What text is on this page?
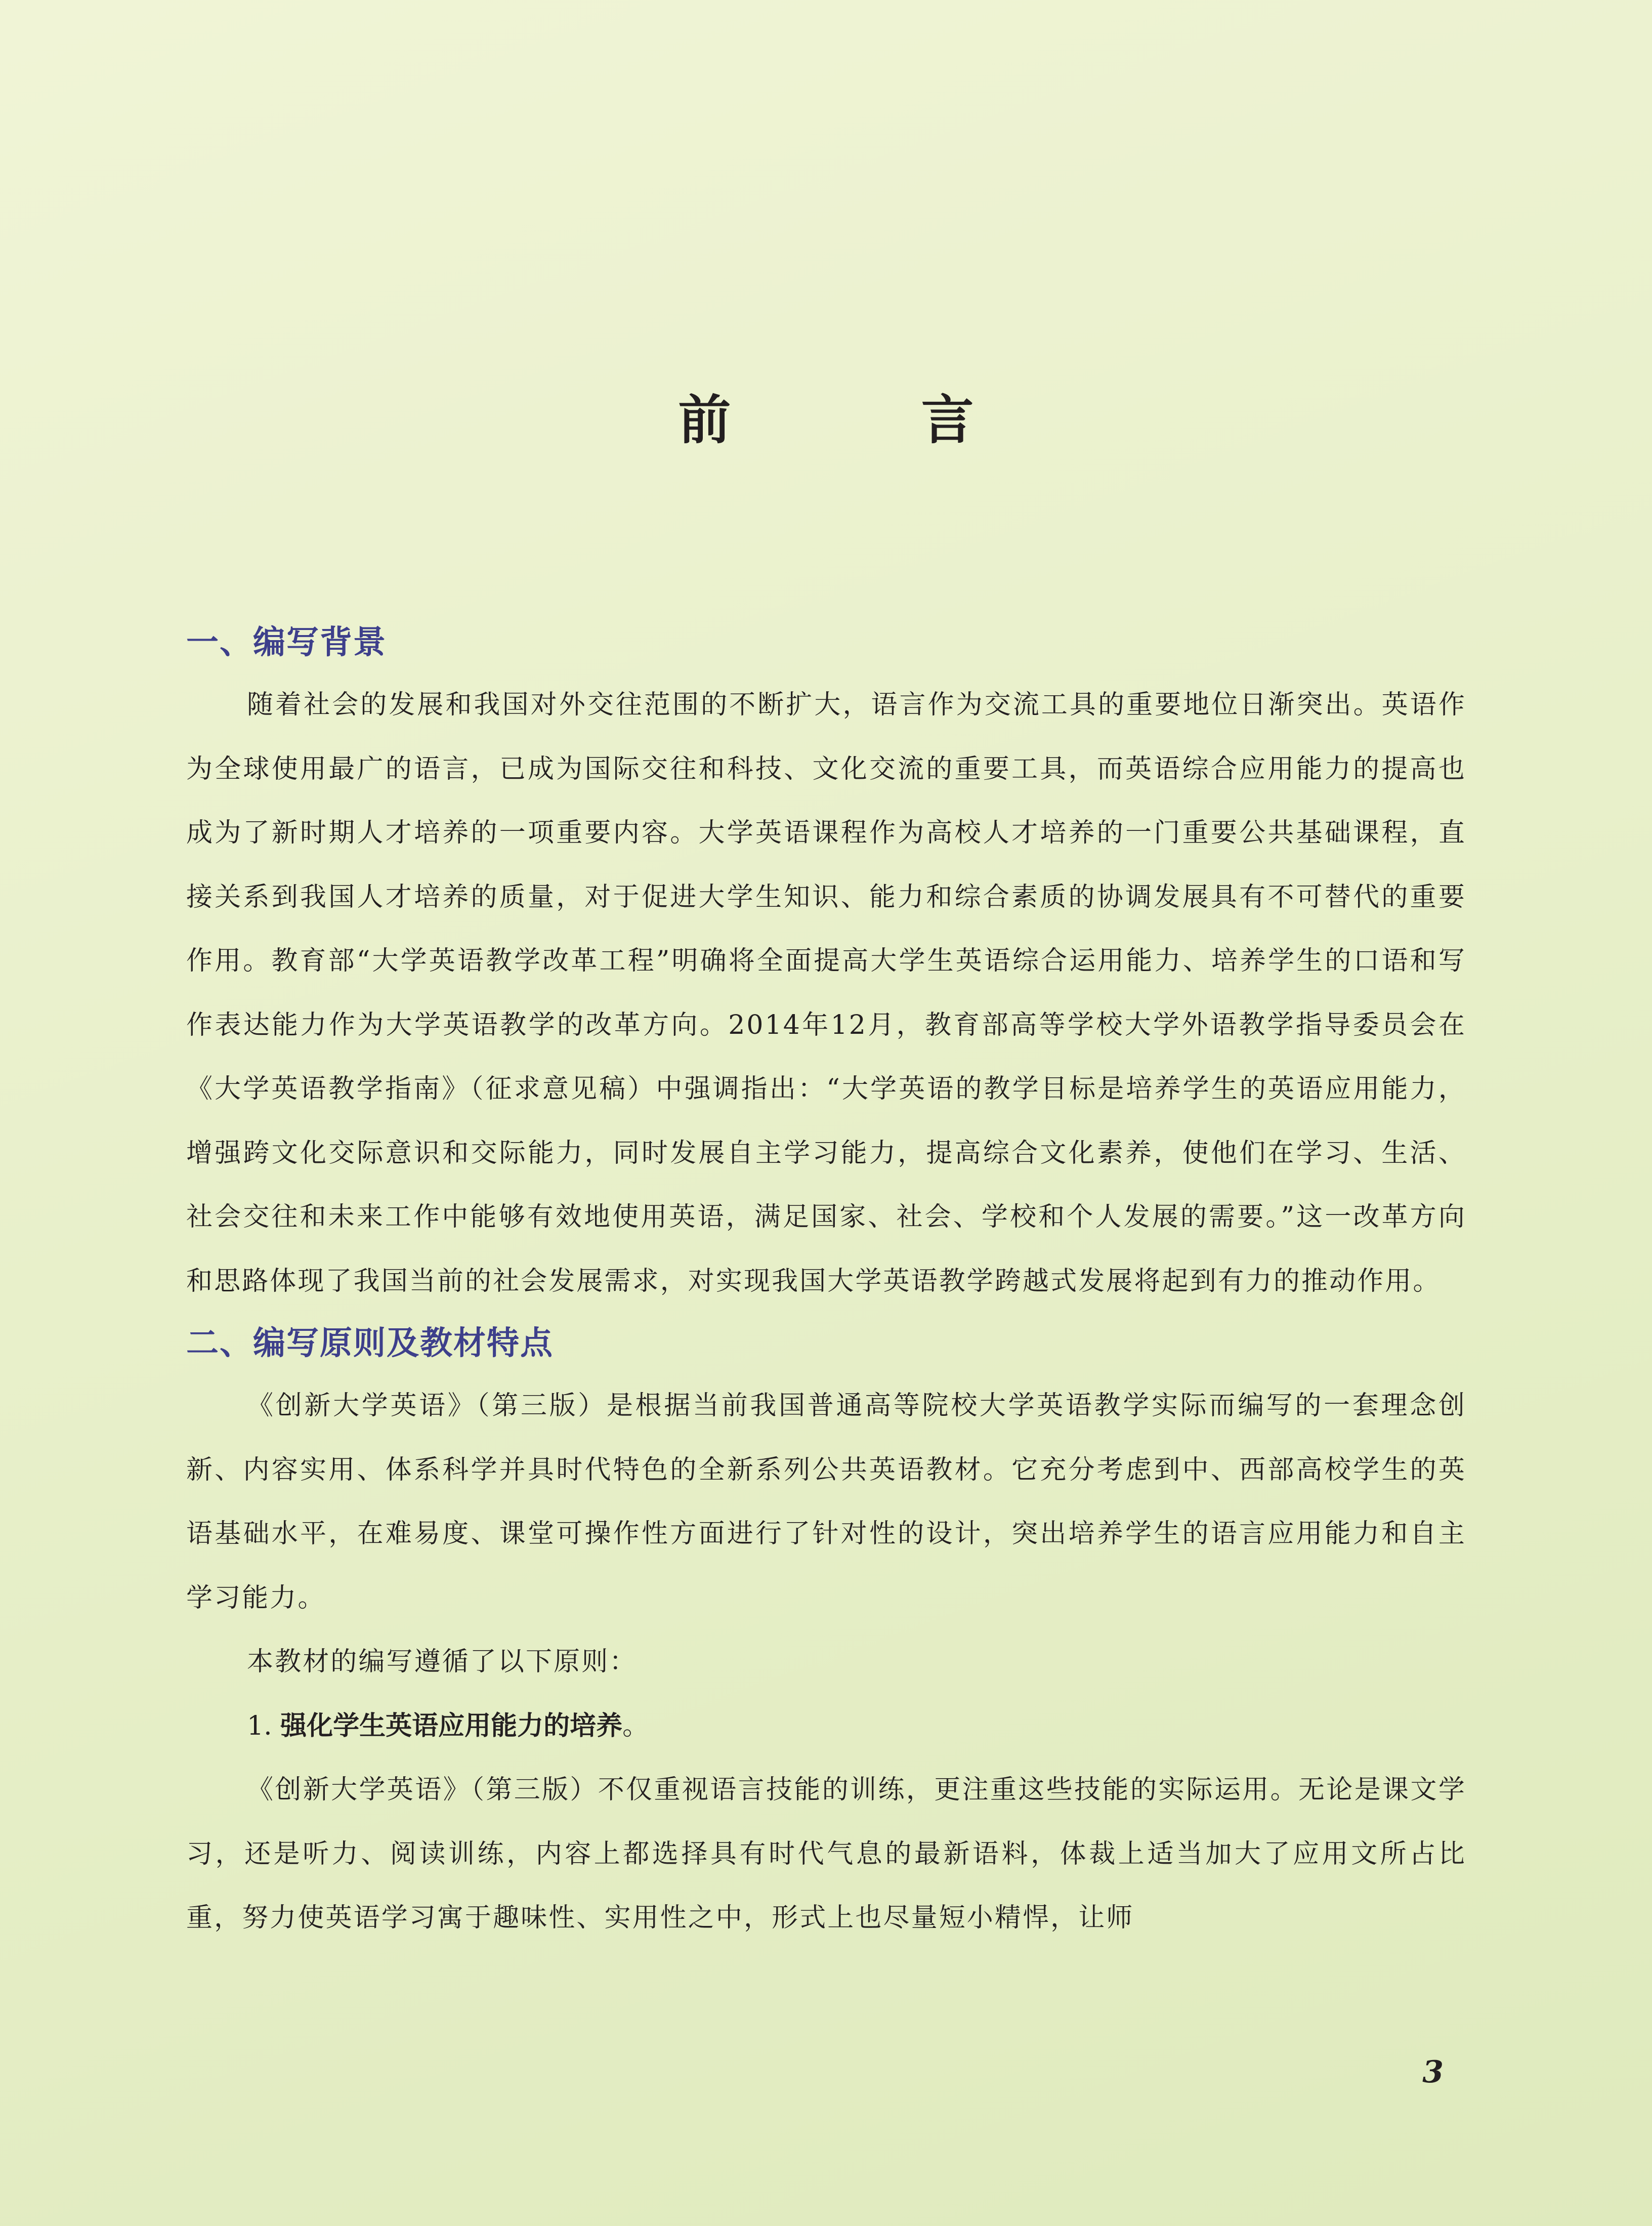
前 言
一、编写背景

随着社会的发展和我国对外交往范围的不断扩大，语言作为交流工具的重要地位日渐突出。英语作为全球使用最广的语言，已成为国际交往和科技、文化交流的重要工具，而英语综合应用能力的提高也成为了新时期人才培养的一项重要内容。大学英语课程作为高校人才培养的一门重要公共基础课程，直接关系到我国人才培养的质量，对于促进大学生知识、能力和综合素质的协调发展具有不可替代的重要作用。教育部“大学英语教学改革工程”明确将全面提高大学生英语综合运用能力、培养学生的口语和写作表达能力作为大学英语教学的改革方向。2014年12月，教育部高等学校大学外语教学指导委员会在《大学英语教学指南》（征求意见稿）中强调指出：“大学英语的教学目标是培养学生的英语应用能力，增强跨文化交际意识和交际能力，同时发展自主学习能力，提高综合文化素养，使他们在学习、生活、社会交往和未来工作中能够有效地使用英语，满足国家、社会、学校和个人发展的需要。”这一改革方向和思路体现了我国当前的社会发展需求，对实现我国大学英语教学跨越式发展将起到有力的推动作用。

二、编写原则及教材特点

《创新大学英语》（第三版）是根据当前我国普通高等院校大学英语教学实际而编写的一套理念创新、内容实用、体系科学并具时代特色的全新系列公共英语教材。它充分考虑到中、西部高校学生的英语基础水平，在难易度、课堂可操作性方面进行了针对性的设计，突出培养学生的语言应用能力和自主学习能力。

本教材的编写遵循了以下原则：

1. 强化学生英语应用能力的培养。

《创新大学英语》（第三版）不仅重视语言技能的训练，更注重这些技能的实际运用。无论是课文学习，还是听力、阅读训练，内容上都选择具有时代气息的最新语料，体裁上适当加大了应用文所占比重，努力使英语学习寓于趣味性、实用性之中，形式上也尽量短小精悍，让师

3
